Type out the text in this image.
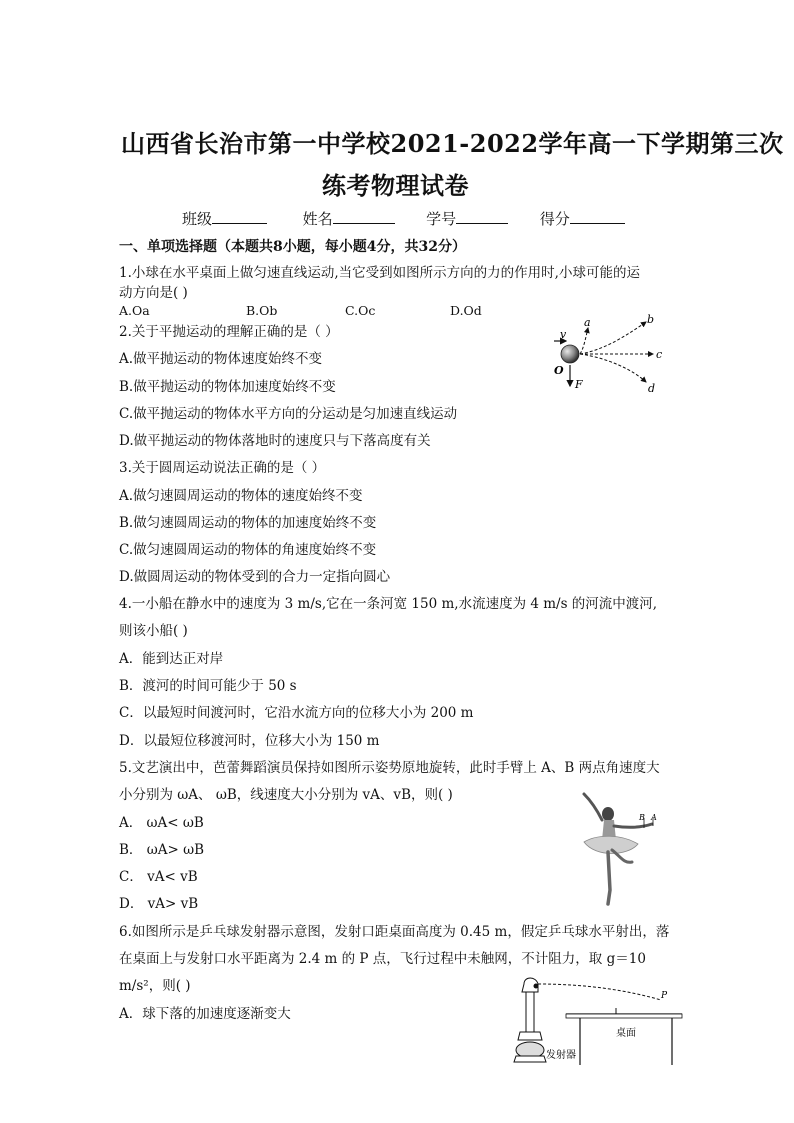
山西省长治市第一中学校2021-2022学年高一下学期第三次
练考物理试卷
班级	姓名	学号	得分
一、单项选择题（本题共8小题，每小题4分，共32分）
1.小球在水平桌面上做匀速直线运动,当它受到如图所示方向的力的作用时,小球可能的运
动方向是( )
A.Oa	B.Ob	C.Oc	D.Od
v
a	b
c
d
O
F
2.关于平抛运动的理解正确的是（ ）
A.做平抛运动的物体速度始终不变
B.做平抛运动的物体加速度始终不变
C.做平抛运动的物体水平方向的分运动是匀加速直线运动
D.做平抛运动的物体落地时的速度只与下落高度有关
3.关于圆周运动说法正确的是（ ）
A.做匀速圆周运动的物体的速度始终不变
B.做匀速圆周运动的物体的加速度始终不变
C.做匀速圆周运动的物体的角速度始终不变
D.做圆周运动的物体受到的合力一定指向圆心
4.一小船在静水中的速度为 3 m/s,它在一条河宽 150 m,水流速度为 4 m/s 的河流中渡河,
则该小船( )
A．能到达正对岸
B．渡河的时间可能少于 50 s
C．以最短时间渡河时，它沿水流方向的位移大小为 200 m
D．以最短位移渡河时，位移大小为 150 m
5.文艺演出中，芭蕾舞蹈演员保持如图所示姿势原地旋转，此时手臂上 A、B 两点角速度大
小分别为 ωA、 ωB，线速度大小分别为 vA、vB，则( )
A． ωA< ωB
B． ωA> ωB
C． vA< vB
D． vA> vB
B A
6.如图所示是乒乓球发射器示意图，发射口距桌面高度为 0.45 m，假定乒乓球水平射出，落
在桌面上与发射口水平距离为 2.4 m 的 P 点，飞行过程中未触网，不计阻力，取 g＝10
m/s²，则( )
A．球下落的加速度逐渐变大
P
桌面
发射器
